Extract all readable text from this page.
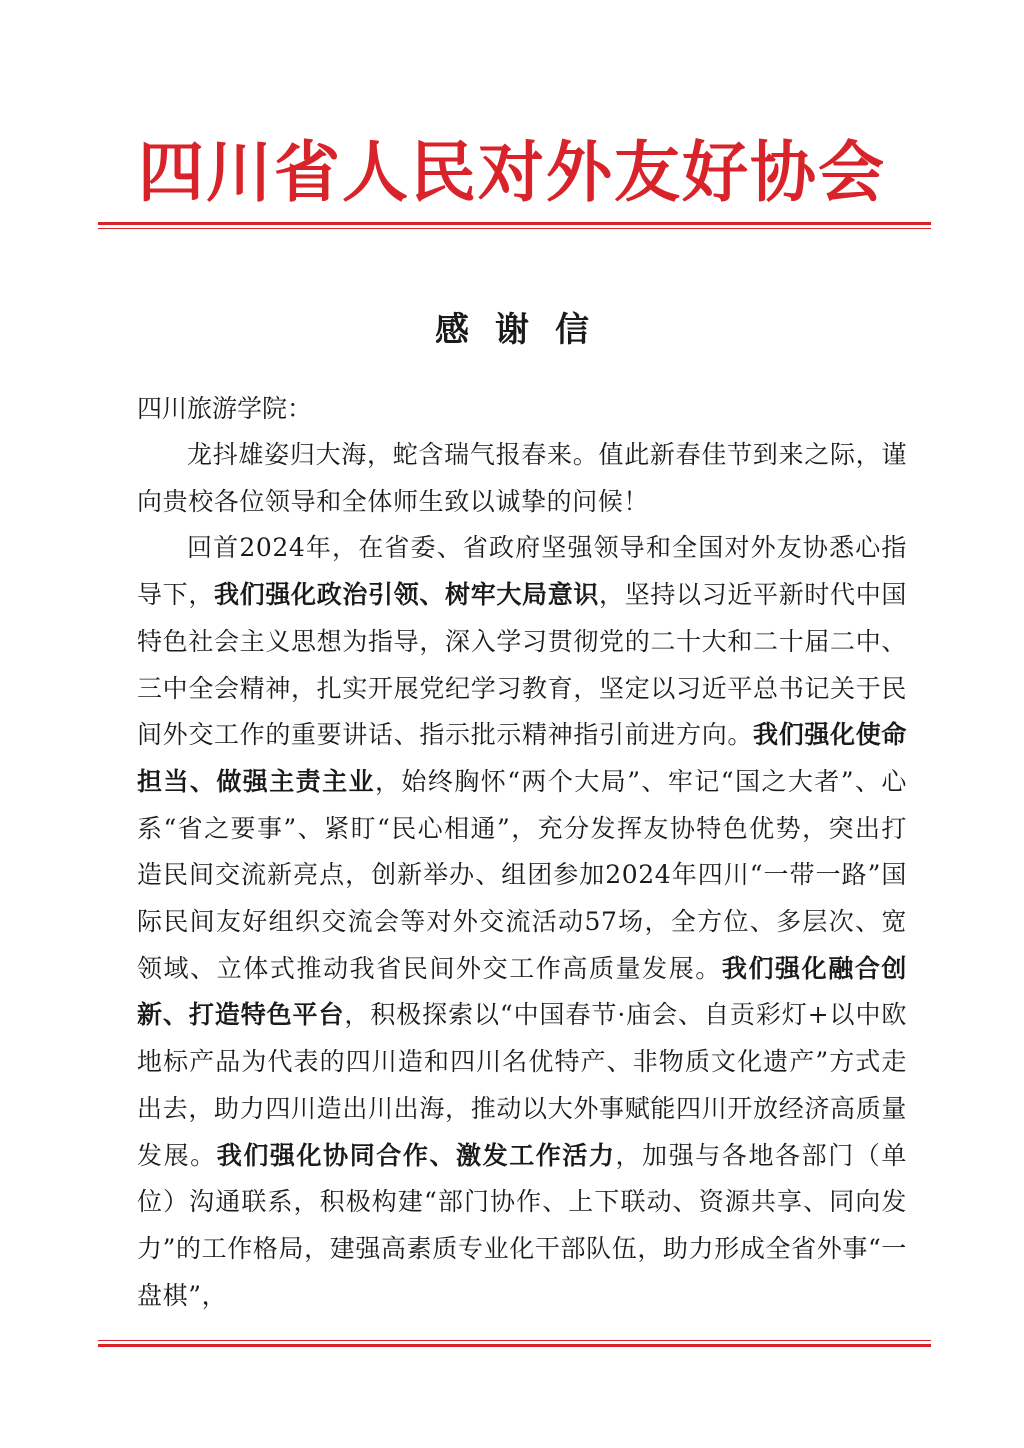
四川省人民对外友好协会
感谢信
四川旅游学院：

龙抖雄姿归大海，蛇含瑞气报春来。值此新春佳节到来之际，谨向贵校各位领导和全体师生致以诚挚的问候！

回首2024年，在省委、省政府坚强领导和全国对外友协悉心指导下，我们强化政治引领、树牢大局意识，坚持以习近平新时代中国特色社会主义思想为指导，深入学习贯彻党的二十大和二十届二中、三中全会精神，扎实开展党纪学习教育，坚定以习近平总书记关于民间外交工作的重要讲话、指示批示精神指引前进方向。我们强化使命担当、做强主责主业，始终胸怀“两个大局”、牢记“国之大者”、心系“省之要事”、紧盯“民心相通”，充分发挥友协特色优势，突出打造民间交流新亮点，创新举办、组团参加2024年四川“一带一路”国际民间友好组织交流会等对外交流活动57场，全方位、多层次、宽领域、立体式推动我省民间外交工作高质量发展。我们强化融合创新、打造特色平台，积极探索以“中国春节·庙会、自贡彩灯+以中欧地标产品为代表的四川造和四川名优特产、非物质文化遗产”方式走出去，助力四川造出川出海，推动以大外事赋能四川开放经济高质量发展。我们强化协同合作、激发工作活力，加强与各地各部门（单位）沟通联系，积极构建“部门协作、上下联动、资源共享、同向发力”的工作格局，建强高素质专业化干部队伍，助力形成全省外事“一盘棋”，
